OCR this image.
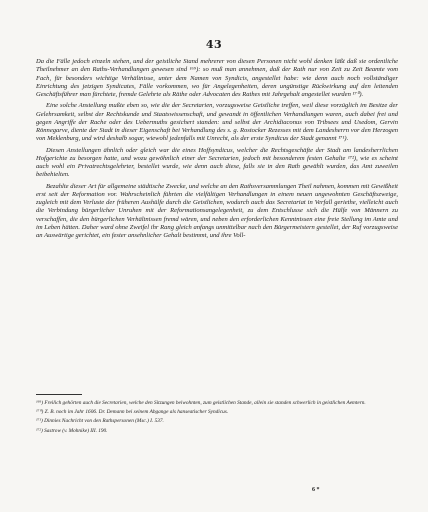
43

Da die Fälle jedoch einzeln stehen, und der geistliche Stand mehrerer von diesen Personen nicht wohl denken läßt daß sie ordentliche Theilnehmer an den Raths-Verhandlungen gewesen sind ¹⁶⁹): so muß man annehmen, daß der Rath nur von Zeit zu Zeit Beamte vom Fach, für besonders wichtige Verhältnisse, unter dem Namen von Syndicis, angestellet habe: wie denn auch noch vollständiger Einrichtung des jetzigen Syndicates, Fälle vorkommen, wo für Angelegenheiten, deren ungünstige Rückwirkung auf den leitenden Geschäftsführer man fürchtete, fremde Gelehrte als Räthe oder Advocaten des Rathes mit Jahrgehalt angestellet wurden ¹⁷⁰).

Eine solche Anstellung mußte eben so, wie die der Secretarien, vorzugsweise Geistliche treffen, weil diese vorzüglich im Besitze der Gelehrsamkeit, selbst der Rechtskunde und Staatswissenschaft, und gewandt in öffentlichen Verhandlungen waren, auch dabei frei und gegen Angriffe der Rache oder des Uebermuths gesichert standen: und selbst der Archidiaconus von Tribsees und Usedom, Gervin Rönnegarve, diente der Stadt in dieser Eigenschaft bei Verhandlung des s. g. Rostocker Rezesses mit dem Landesherrn vor den Herzogen von Meklenburg, und wird deshalb sogar, wiewohl jedenfalls mit Unrecht, als der erste Syndicus der Stadt genannt ¹⁷¹).

Diesen Anstellungen ähnlich oder gleich war die eines Hoffsyndicus, welcher die Rechtsgeschäfte der Stadt am landesherrlichen Hofgerichte zu besorgen hatte, und wozu gewöhnlich einer der Secretarien, jedoch mit besonderem festen Gehalte ¹⁷²), wie es scheint auch wohl ein Privatrechtsgelehrter, bestellet wurde, wie denn auch diese, falls sie in den Rath gewählt wurden, das Amt zuweilen beibehielten.

Bezahlte dieser Art für allgemeine städtische Zwecke, und welche an den Rathsversammlungen Theil nahmen, kommen mit Gewißheit erst seit der Reformation vor. Wahrscheinlich führten die vielfältigen Verhandlungen in einem neuen ungewohnten Geschäftszweige, zugleich mit dem Verluste der früheren Aushülfe durch die Geistlichen, wodurch auch das Secretariat in Verfall geriethe, vielleicht auch die Verbindung bürgerlicher Unruhen mit der Reformationsangelegenheit, zu dem Entschlusse sich die Hülfe von Männern zu verschaffen, die den bürgerlichen Verhältnissen fremd wären, und neben den erforderlichen Kenntnissen eine freie Stellung im Amte und im Leben hätten. Daher ward ohne Zweifel ihr Rang gleich anfangs unmittelbar nach den Bürgermeistern gestellet, der Ruf vorzugsweise an Auswärtige gerichtet, ein fester ansehnlicher Gehalt bestimmt, und ihre Voll-

¹⁶⁹) Freilich gehörten auch die Secretarien, welche den Sitzungen beiwohnten, zum geistlichen Stande, allein sie standen schwerlich in geistlichen Aemtern.

¹⁷⁰) Z. B. noch im Jahr 1606. Dr. Demann bei seinem Abgange als hanseatischer Syndicus.

¹⁷¹) Dinnies Nachricht von den Rathspersonen (Msc.) I. 537.

¹⁷²) Sastrow (v. Mohnike) III. 190.

6 *
